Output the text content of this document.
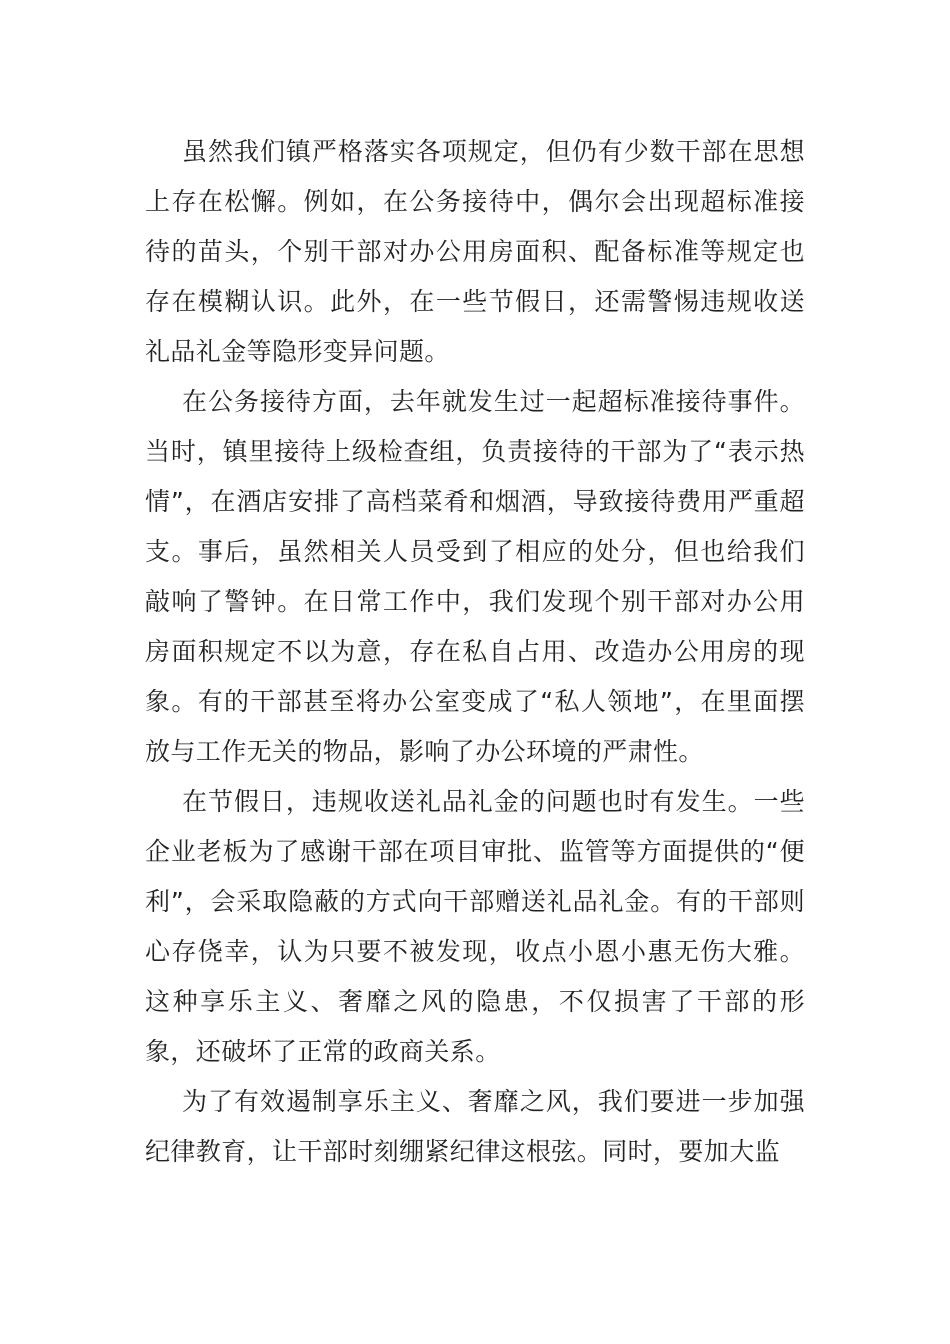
虽然我们镇严格落实各项规定，但仍有少数干部在思想上存在松懈。例如，在公务接待中，偶尔会出现超标准接待的苗头，个别干部对办公用房面积、配备标准等规定也存在模糊认识。此外，在一些节假日，还需警惕违规收送礼品礼金等隐形变异问题。

在公务接待方面，去年就发生过一起超标准接待事件。当时，镇里接待上级检查组，负责接待的干部为了“表示热情”，在酒店安排了高档菜肴和烟酒，导致接待费用严重超支。事后，虽然相关人员受到了相应的处分，但也给我们敲响了警钟。在日常工作中，我们发现个别干部对办公用房面积规定不以为意，存在私自占用、改造办公用房的现象。有的干部甚至将办公室变成了“私人领地”，在里面摆放与工作无关的物品，影响了办公环境的严肃性。

在节假日，违规收送礼品礼金的问题也时有发生。一些企业老板为了感谢干部在项目审批、监管等方面提供的“便利”，会采取隐蔽的方式向干部赠送礼品礼金。有的干部则心存侥幸，认为只要不被发现，收点小恩小惠无伤大雅。这种享乐主义、奢靡之风的隐患，不仅损害了干部的形象，还破坏了正常的政商关系。

为了有效遏制享乐主义、奢靡之风，我们要进一步加强纪律教育，让干部时刻绷紧纪律这根弦。同时，要加大监
